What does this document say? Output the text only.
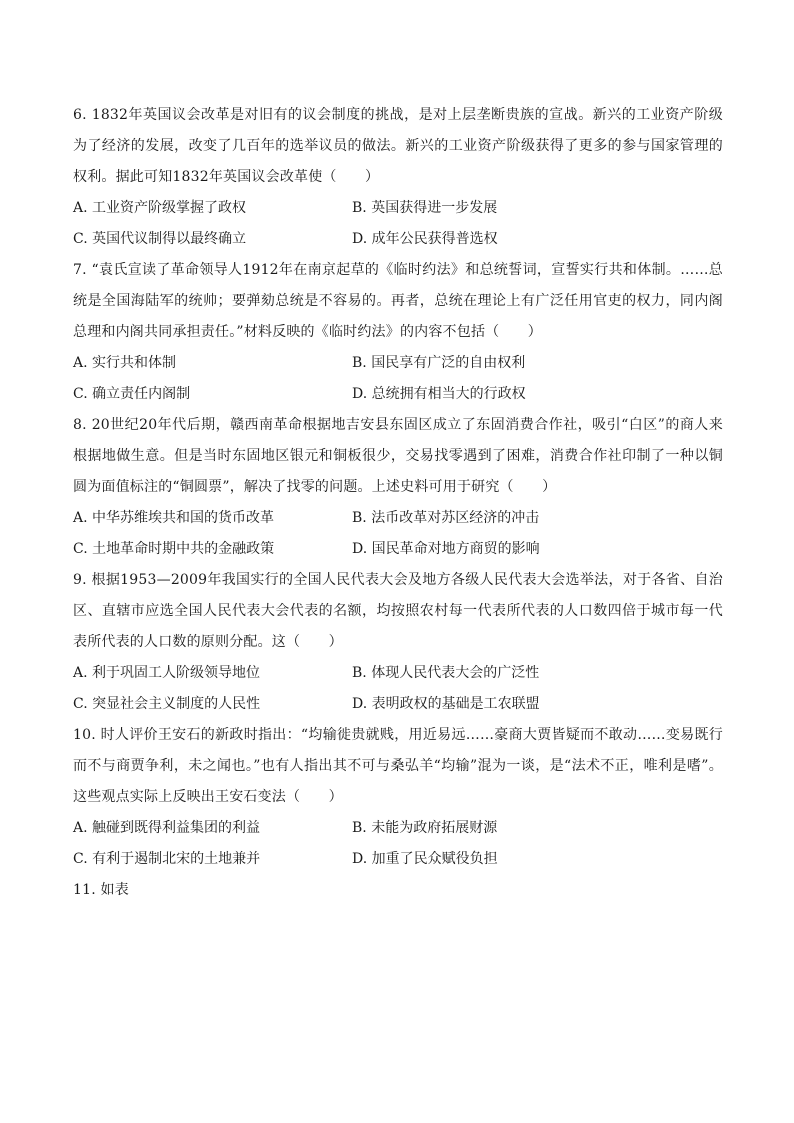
6. 1832年英国议会改革是对旧有的议会制度的挑战，是对上层垄断贵族的宣战。新兴的工业资产阶级为了经济的发展，改变了几百年的选举议员的做法。新兴的工业资产阶级获得了更多的参与国家管理的权利。据此可知1832年英国议会改革使（　　）

A. 工业资产阶级掌握了政权	B. 英国获得进一步发展
C. 英国代议制得以最终确立	D. 成年公民获得普选权

7. “袁氏宣读了革命领导人1912年在南京起草的《临时约法》和总统誓词，宣誓实行共和体制。……总统是全国海陆军的统帅；要弹劾总统是不容易的。再者，总统在理论上有广泛任用官吏的权力，同内阁总理和内阁共同承担责任。”材料反映的《临时约法》的内容不包括（　　）

A. 实行共和体制	B. 国民享有广泛的自由权利
C. 确立责任内阁制	D. 总统拥有相当大的行政权

8. 20世纪20年代后期，赣西南革命根据地吉安县东固区成立了东固消费合作社，吸引“白区”的商人来根据地做生意。但是当时东固地区银元和铜板很少，交易找零遇到了困难，消费合作社印制了一种以铜圆为面值标注的“铜圆票”，解决了找零的问题。上述史料可用于研究（　　）

A. 中华苏维埃共和国的货币改革	B. 法币改革对苏区经济的冲击
C. 土地革命时期中共的金融政策	D. 国民革命对地方商贸的影响

9. 根据1953—2009年我国实行的全国人民代表大会及地方各级人民代表大会选举法，对于各省、自治区、直辖市应选全国人民代表大会代表的名额，均按照农村每一代表所代表的人口数四倍于城市每一代表所代表的人口数的原则分配。这（　　）

A. 利于巩固工人阶级领导地位	B. 体现人民代表大会的广泛性
C. 突显社会主义制度的人民性	D. 表明政权的基础是工农联盟

10. 时人评价王安石的新政时指出：“均输徙贵就贱，用近易远……豪商大贾皆疑而不敢动……变易既行而不与商贾争利，未之闻也。”也有人指出其不可与桑弘羊“均输”混为一谈，是“法术不正，唯利是嗜”。这些观点实际上反映出王安石变法（　　）

A. 触碰到既得利益集团的利益	B. 未能为政府拓展财源
C. 有利于遏制北宋的土地兼并	D. 加重了民众赋役负担

11. 如表
